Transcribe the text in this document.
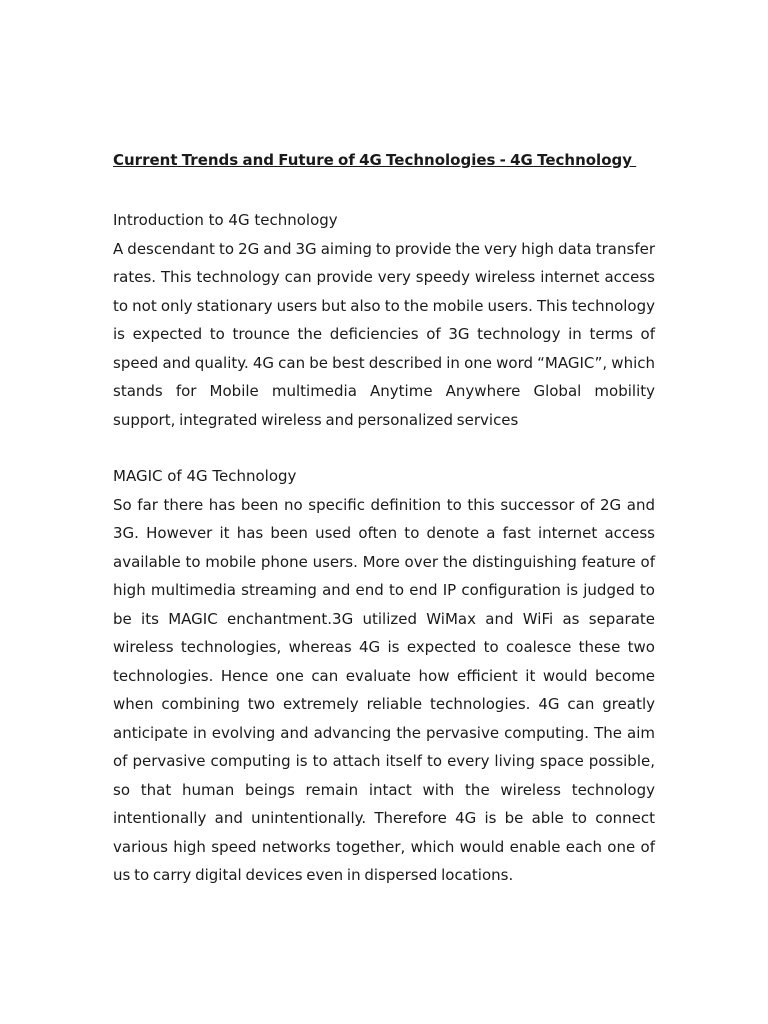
Current Trends and Future of 4G Technologies - 4G Technology
Introduction to 4G technology

A descendant to 2G and 3G aiming to provide the very high data transfer rates. This technology can provide very speedy wireless internet access to not only stationary users but also to the mobile users. This technology is expected to trounce the deficiencies of 3G technology in terms of speed and quality. 4G can be best described in one word “MAGIC”, which stands for Mobile multimedia Anytime Anywhere Global mobility support, integrated wireless and personalized services

MAGIC of 4G Technology

So far there has been no specific definition to this successor of 2G and 3G. However it has been used often to denote a fast internet access available to mobile phone users. More over the distinguishing feature of high multimedia streaming and end to end IP configuration is judged to be its MAGIC enchantment.3G utilized WiMax and WiFi as separate wireless technologies, whereas 4G is expected to coalesce these two technologies. Hence one can evaluate how efficient it would become when combining two extremely reliable technologies. 4G can greatly anticipate in evolving and advancing the pervasive computing. The aim of pervasive computing is to attach itself to every living space possible, so that human beings remain intact with the wireless technology intentionally and unintentionally. Therefore 4G is be able to connect various high speed networks together, which would enable each one of us to carry digital devices even in dispersed locations.
